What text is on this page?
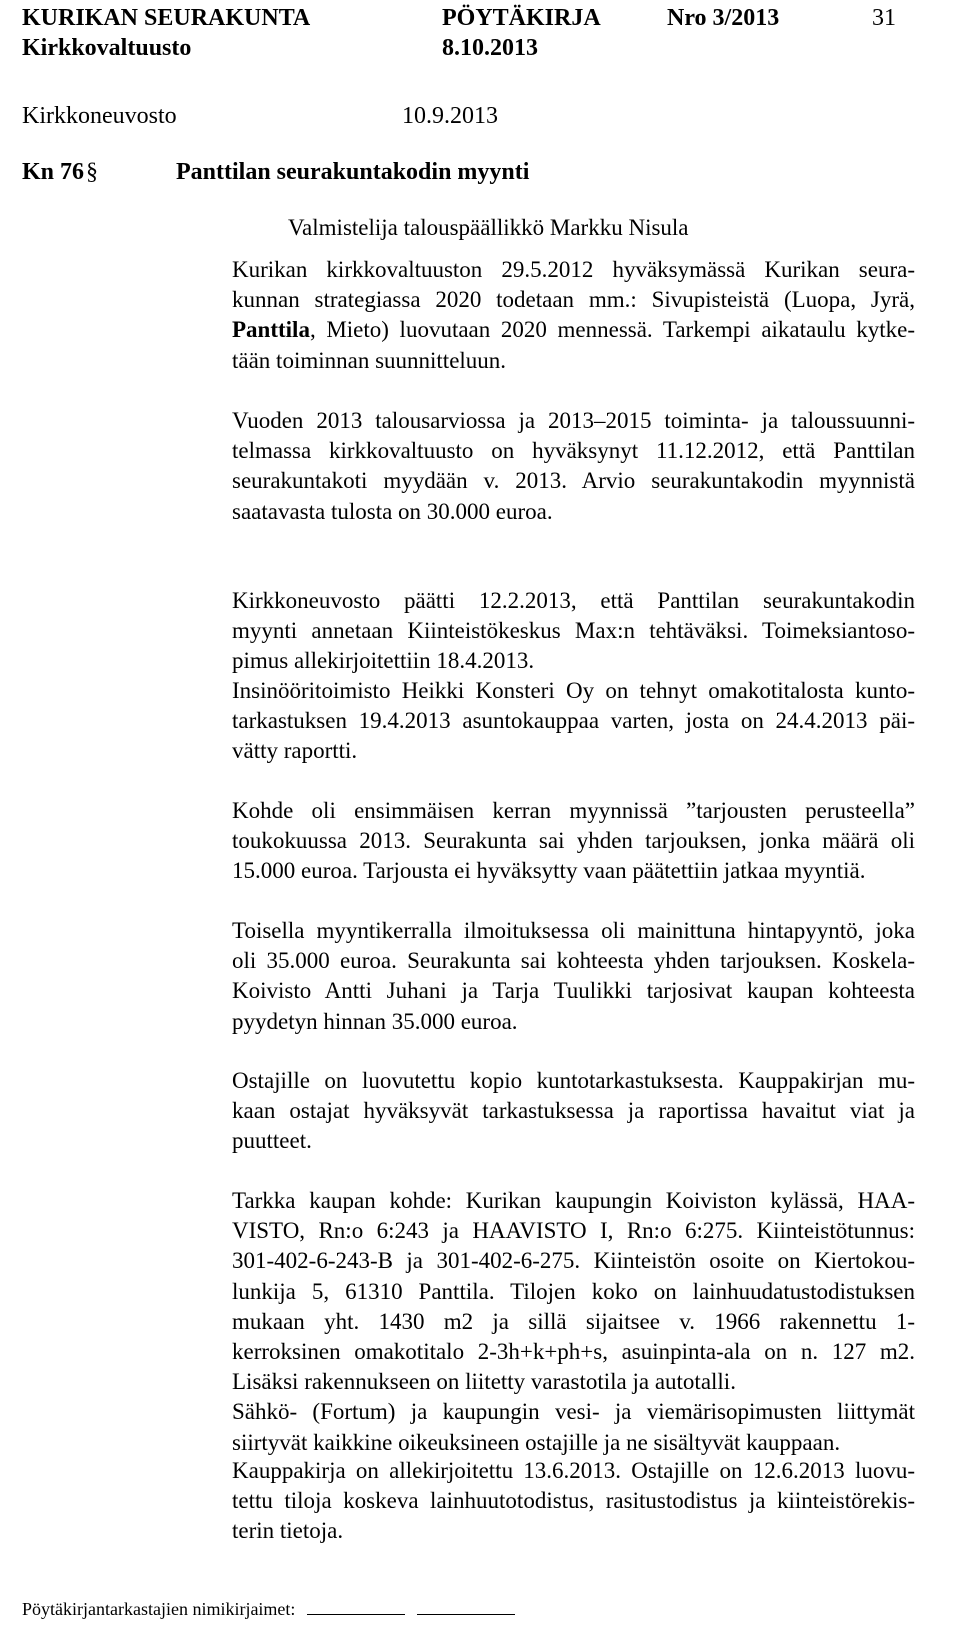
KURIKAN SEURAKUNTA	PÖYTÄKIRJA	Nro 3/2013	31
Kirkkovaltuusto	8.10.2013
Kirkkoneuvosto	10.9.2013
Kn 76 §	Panttilan seurakuntakodin myynti
Valmistelija talouspäällikkö Markku Nisula
Kurikan kirkkovaltuuston 29.5.2012 hyväksymässä Kurikan seura-
kunnan strategiassa 2020 todetaan mm.: Sivupisteistä (Luopa, Jyrä,
Panttila, Mieto) luovutaan 2020 mennessä. Tarkempi aikataulu kytke-
tään toiminnan suunnitteluun.
Vuoden 2013 talousarviossa ja 2013–2015 toiminta- ja taloussuunni-
telmassa kirkkovaltuusto on hyväksynyt 11.12.2012, että Panttilan
seurakuntakoti myydään v. 2013. Arvio seurakuntakodin myynnistä
saatavasta tulosta on 30.000 euroa.
Kirkkoneuvosto päätti 12.2.2013, että Panttilan seurakuntakodin
myynti annetaan Kiinteistökeskus Max:n tehtäväksi. Toimeksiantoso-
pimus allekirjoitettiin 18.4.2013.
Insinööritoimisto Heikki Konsteri Oy on tehnyt omakotitalosta kunto-
tarkastuksen 19.4.2013 asuntokauppaa varten, josta on 24.4.2013 päi-
vätty raportti.
Kohde oli ensimmäisen kerran myynnissä ”tarjousten perusteella”
toukokuussa 2013. Seurakunta sai yhden tarjouksen, jonka määrä oli
15.000 euroa. Tarjousta ei hyväksytty vaan päätettiin jatkaa myyntiä.
Toisella myyntikerralla ilmoituksessa oli mainittuna hintapyyntö, joka
oli 35.000 euroa. Seurakunta sai kohteesta yhden tarjouksen. Koskela-
Koivisto Antti Juhani ja Tarja Tuulikki tarjosivat kaupan kohteesta
pyydetyn hinnan 35.000 euroa.
Ostajille on luovutettu kopio kuntotarkastuksesta. Kauppakirjan mu-
kaan ostajat hyväksyvät tarkastuksessa ja raportissa havaitut viat ja
puutteet.
Tarkka kaupan kohde: Kurikan kaupungin Koiviston kylässä, HAA-
VISTO, Rn:o 6:243 ja HAAVISTO I, Rn:o 6:275. Kiinteistötunnus:
301-402-6-243-B ja 301-402-6-275. Kiinteistön osoite on Kiertokou-
lunkija 5, 61310 Panttila. Tilojen koko on lainhuudatustodistuksen
mukaan yht. 1430 m2 ja sillä sijaitsee v. 1966 rakennettu 1-
kerroksinen omakotitalo 2-3h+k+ph+s, asuinpinta-ala on n. 127 m2.
Lisäksi rakennukseen on liitetty varastotila ja autotalli.
Sähkö- (Fortum) ja kaupungin vesi- ja viemärisopimusten liittymät
siirtyvät kaikkine oikeuksineen ostajille ja ne sisältyvät kauppaan.
Kauppakirja on allekirjoitettu 13.6.2013. Ostajille on 12.6.2013 luovu-
tettu tiloja koskeva lainhuutotodistus, rasitustodistus ja kiinteistörekis-
terin tietoja.
Pöytäkirjantarkastajien nimikirjaimet:
